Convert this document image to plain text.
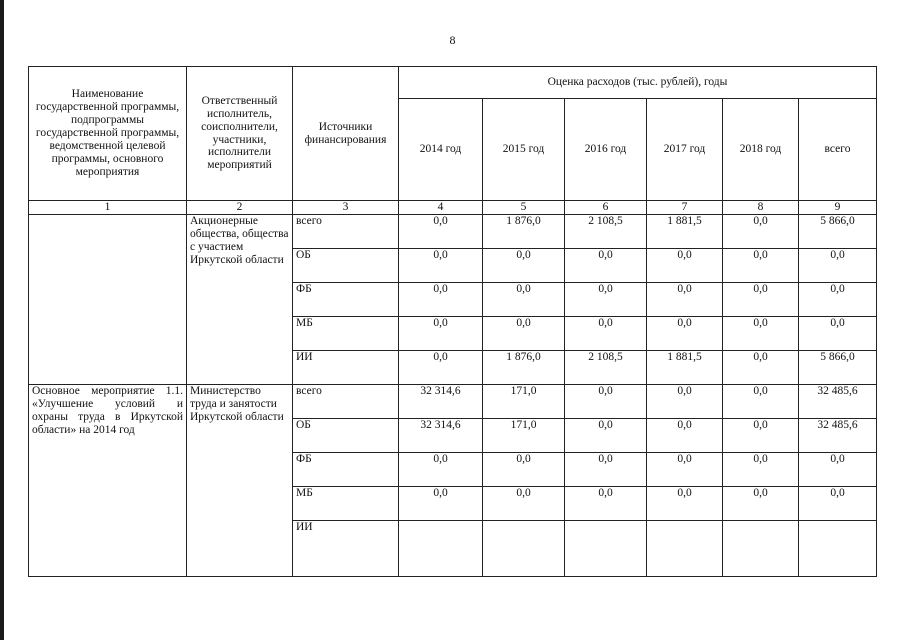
8
Наименование государственной программы, подпрограммы государственной программы, ведомственной целевой программы, основного мероприятия	Ответственный исполнитель, соисполнители, участники, исполнители мероприятий	Источники финансирования	Оценка расходов (тыс. рублей), годы					
			2014 год	2015 год	2016 год	2017 год	2018 год	всего
1	2	3	4	5	6	7	8	9
	Акционерные общества, общества с участием Иркутской области	всего	0,0	1 876,0	2 108,5	1 881,5	0,0	5 866,0
		ОБ	0,0	0,0	0,0	0,0	0,0	0,0
		ФБ	0,0	0,0	0,0	0,0	0,0	0,0
		МБ	0,0	0,0	0,0	0,0	0,0	0,0
		ИИ	0,0	1 876,0	2 108,5	1 881,5	0,0	5 866,0
Основное мероприятие 1.1. «Улучшение условий и охраны труда в Иркутской области» на 2014 год	Министерство труда и занятости Иркутской области	всего	32 314,6	171,0	0,0	0,0	0,0	32 485,6
		ОБ	32 314,6	171,0	0,0	0,0	0,0	32 485,6
		ФБ	0,0	0,0	0,0	0,0	0,0	0,0
		МБ	0,0	0,0	0,0	0,0	0,0	0,0
		ИИ						
